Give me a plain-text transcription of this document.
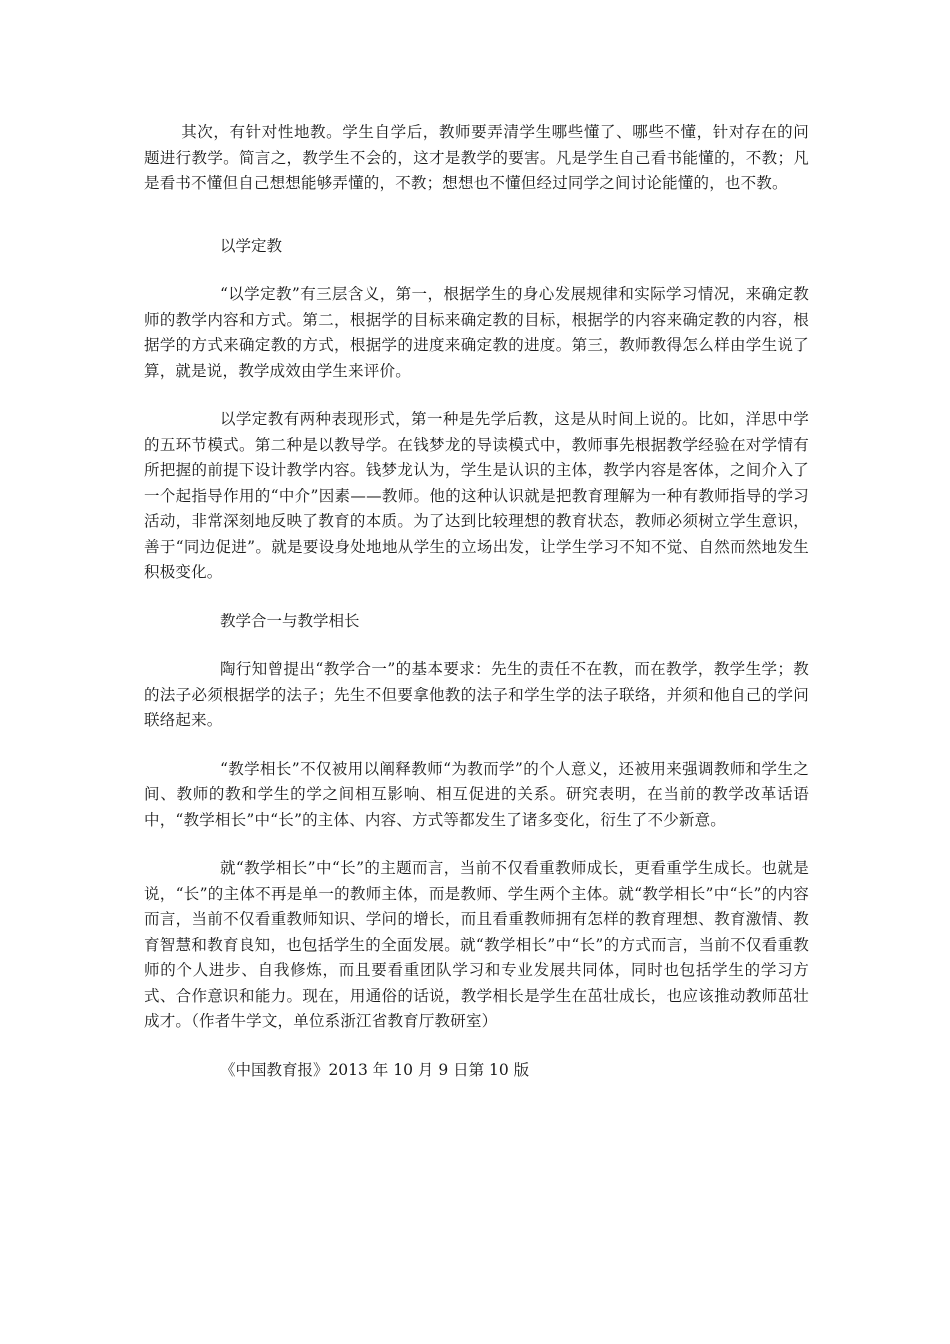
其次，有针对性地教。学生自学后，教师要弄清学生哪些懂了、哪些不懂，针对存在的问题进行教学。简言之，教学生不会的，这才是教学的要害。凡是学生自己看书能懂的，不教；凡是看书不懂但自己想想能够弄懂的，不教；想想也不懂但经过同学之间讨论能懂的，也不教。

以学定教

“以学定教”有三层含义，第一，根据学生的身心发展规律和实际学习情况，来确定教师的教学内容和方式。第二，根据学的目标来确定教的目标，根据学的内容来确定教的内容，根据学的方式来确定教的方式，根据学的进度来确定教的进度。第三，教师教得怎么样由学生说了算，就是说，教学成效由学生来评价。

以学定教有两种表现形式，第一种是先学后教，这是从时间上说的。比如，洋思中学的五环节模式。第二种是以教导学。在钱梦龙的导读模式中，教师事先根据教学经验在对学情有所把握的前提下设计教学内容。钱梦龙认为，学生是认识的主体，教学内容是客体，之间介入了一个起指导作用的“中介”因素——教师。他的这种认识就是把教育理解为一种有教师指导的学习活动，非常深刻地反映了教育的本质。为了达到比较理想的教育状态，教师必须树立学生意识，善于“同边促进”。就是要设身处地地从学生的立场出发，让学生学习不知不觉、自然而然地发生积极变化。

教学合一与教学相长

陶行知曾提出“教学合一”的基本要求：先生的责任不在教，而在教学，教学生学；教的法子必须根据学的法子；先生不但要拿他教的法子和学生学的法子联络，并须和他自己的学问联络起来。

“教学相长”不仅被用以阐释教师“为教而学”的个人意义，还被用来强调教师和学生之间、教师的教和学生的学之间相互影响、相互促进的关系。研究表明，在当前的教学改革话语中，“教学相长”中“长”的主体、内容、方式等都发生了诸多变化，衍生了不少新意。

就“教学相长”中“长”的主题而言，当前不仅看重教师成长，更看重学生成长。也就是说，“长”的主体不再是单一的教师主体，而是教师、学生两个主体。就“教学相长”中“长”的内容而言，当前不仅看重教师知识、学问的增长，而且看重教师拥有怎样的教育理想、教育激情、教育智慧和教育良知，也包括学生的全面发展。就“教学相长”中“长”的方式而言，当前不仅看重教师的个人进步、自我修炼，而且要看重团队学习和专业发展共同体，同时也包括学生的学习方式、合作意识和能力。现在，用通俗的话说，教学相长是学生在茁壮成长，也应该推动教师茁壮成才。（作者牛学文，单位系浙江省教育厅教研室）

《中国教育报》2013 年 10 月 9 日第 10 版
